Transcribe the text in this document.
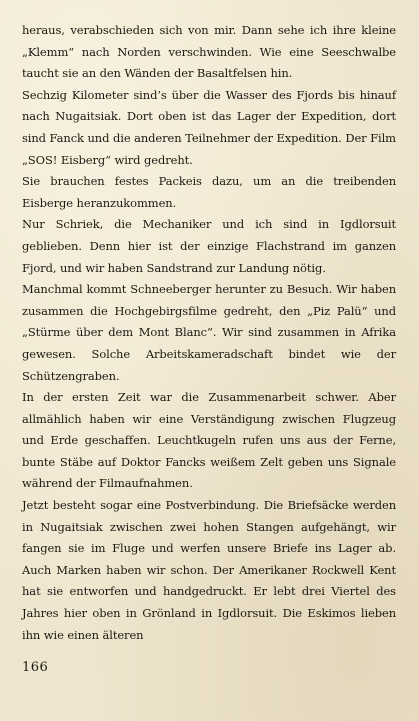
heraus, verabschieden sich von mir. Dann sehe ich ihre kleine „Klemm“ nach Norden verschwinden. Wie eine Seeschwalbe taucht sie an den Wänden der Basaltfelsen hin.

Sechzig Kilometer sind’s über die Wasser des Fjords bis hinauf nach Nugaitsiak. Dort oben ist das Lager der Expedition, dort sind Fanck und die anderen Teilnehmer der Expedition. Der Film „SOS! Eisberg“ wird gedreht.

Sie brauchen festes Packeis dazu, um an die treibenden Eisberge heranzukommen.

Nur Schriek, die Mechaniker und ich sind in Igdlorsuit geblieben. Denn hier ist der einzige Flachstrand im ganzen Fjord, und wir haben Sandstrand zur Landung nötig.

Manchmal kommt Schneeberger herunter zu Besuch. Wir haben zusammen die Hochgebirgsfilme gedreht, den „Piz Palü“ und „Stürme über dem Mont Blanc“. Wir sind zusammen in Afrika gewesen. Solche Arbeitskameradschaft bindet wie der Schützengraben.

In der ersten Zeit war die Zusammenarbeit schwer. Aber allmählich haben wir eine Verständigung zwischen Flugzeug und Erde geschaffen. Leuchtkugeln rufen uns aus der Ferne, bunte Stäbe auf Doktor Fancks weißem Zelt geben uns Signale während der Filmaufnahmen.

Jetzt besteht sogar eine Postverbindung. Die Briefsäcke werden in Nugaitsiak zwischen zwei hohen Stangen aufgehängt, wir fangen sie im Fluge und werfen unsere Briefe ins Lager ab. Auch Marken haben wir schon. Der Amerikaner Rockwell Kent hat sie entworfen und handgedruckt. Er lebt drei Viertel des Jahres hier oben in Grönland in Igdlorsuit. Die Eskimos lieben ihn wie einen älteren

166
